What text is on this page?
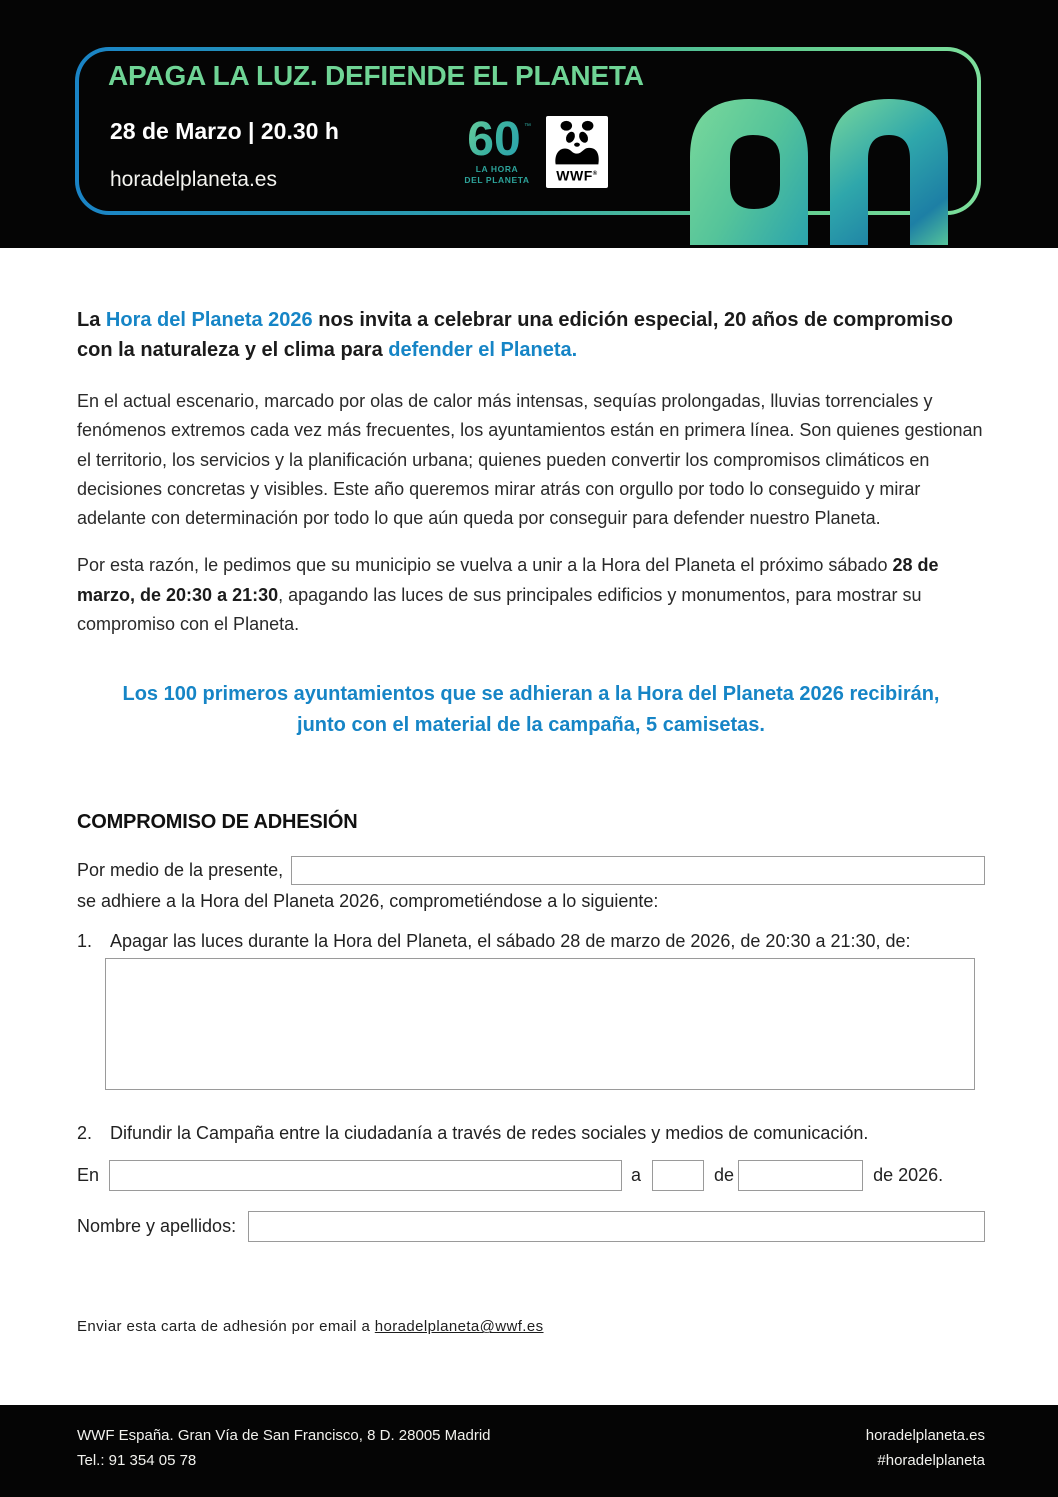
APAGA LA LUZ. DEFIENDE EL PLANETA
28 de Marzo | 20.30 h
horadelplaneta.es
60 ™
LA HORA
DEL PLANETA	WWF®

La Hora del Planeta 2026 nos invita a celebrar una edición especial, 20 años de compromiso con la naturaleza y el clima para defender el Planeta.

En el actual escenario, marcado por olas de calor más intensas, sequías prolongadas, lluvias torrenciales y fenómenos extremos cada vez más frecuentes, los ayuntamientos están en primera línea. Son quienes gestionan el territorio, los servicios y la planificación urbana; quienes pueden convertir los compromisos climáticos en decisiones concretas y visibles. Este año queremos mirar atrás con orgullo por todo lo conseguido y mirar adelante con determinación por todo lo que aún queda por conseguir para defender nuestro Planeta.

Por esta razón, le pedimos que su municipio se vuelva a unir a la Hora del Planeta el próximo sábado 28 de marzo, de 20:30 a 21:30, apagando las luces de sus principales edificios y monumentos, para mostrar su compromiso con el Planeta.

Los 100 primeros ayuntamientos que se adhieran a la Hora del Planeta 2026 recibirán, junto con el material de la campaña, 5 camisetas.

COMPROMISO DE ADHESIÓN
Por medio de la presente,
se adhiere a la Hora del Planeta 2026, comprometiéndose a lo siguiente:
1. Apagar las luces durante la Hora del Planeta, el sábado 28 de marzo de 2026, de 20:30 a 21:30, de:
2. Difundir la Campaña entre la ciudadanía a través de redes sociales y medios de comunicación.
En	a	de	de 2026.
Nombre y apellidos:
Enviar esta carta de adhesión por email a horadelplaneta@wwf.es
WWF España. Gran Vía de San Francisco, 8 D. 28005 Madrid
Tel.: 91 354 05 78
horadelplaneta.es
#horadelplaneta
